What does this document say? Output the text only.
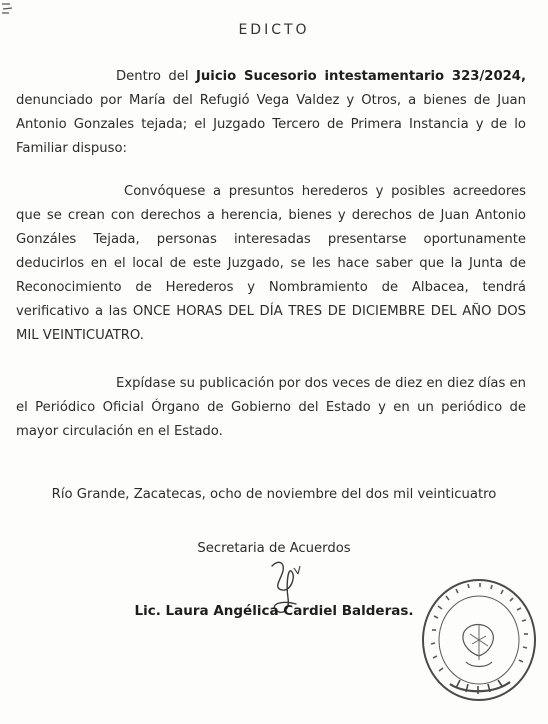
EDICTO
Dentro del Juicio Sucesorio intestamentario 323/2024, denunciado por María del Refugió Vega Valdez y Otros, a bienes de Juan Antonio Gonzales tejada; el Juzgado Tercero de Primera Instancia y de lo Familiar dispuso:
Convóquese a presuntos herederos y posibles acreedores que se crean con derechos a herencia, bienes y derechos de Juan Antonio Gonzáles Tejada, personas interesadas presentarse oportunamente deducirlos en el local de este Juzgado, se les hace saber que la Junta de Reconocimiento de Herederos y Nombramiento de Albacea, tendrá verificativo a las ONCE HORAS DEL DÍA TRES DE DICIEMBRE DEL AÑO DOS MIL VEINTICUATRO.
Expídase su publicación por dos veces de diez en diez días en el Periódico Oficial Órgano de Gobierno del Estado y en un periódico de mayor circulación en el Estado.
Río Grande, Zacatecas, ocho de noviembre del dos mil veinticuatro
Secretaria de Acuerdos
Lic. Laura Angélica Cardiel Balderas.
